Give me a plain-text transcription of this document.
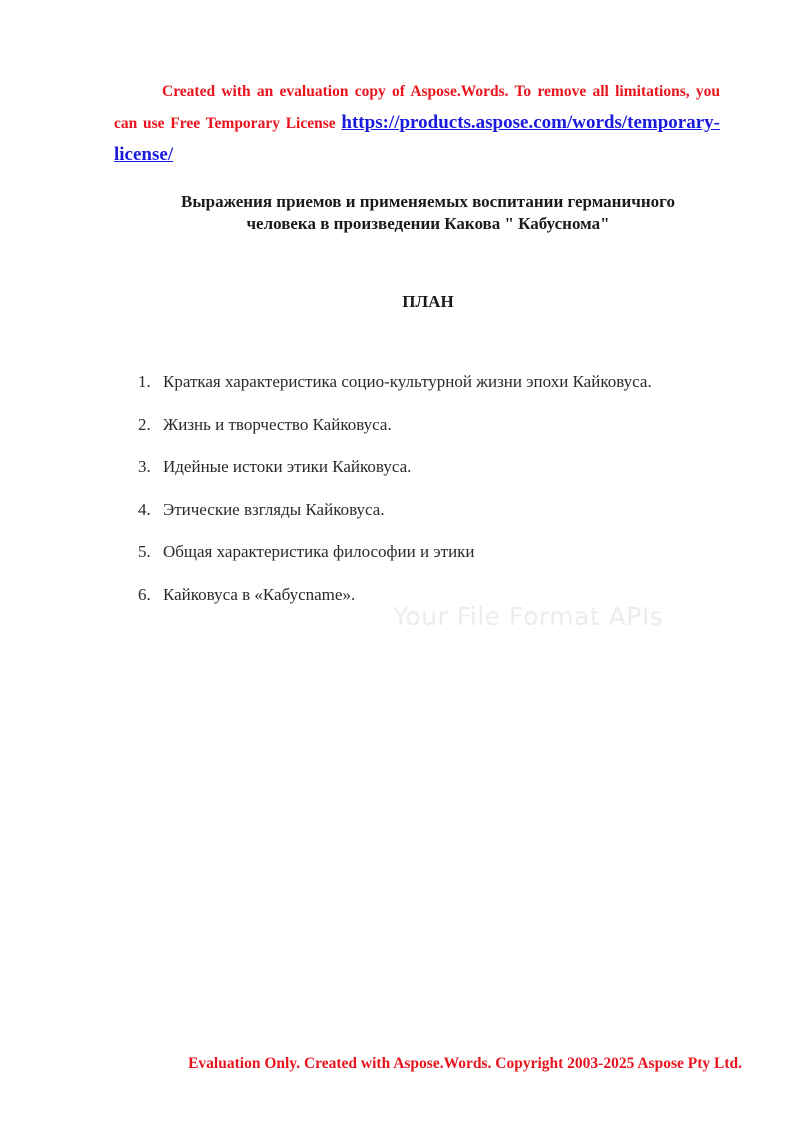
Created with an evaluation copy of Aspose.Words. To remove all limitations, you can use Free Temporary License https://products.aspose.com/words/temporary-license/
Выражения приемов и применяемых воспитании германичного
человека в произведении Какова " Кабуснома"
ПЛАН
1. Краткая характеристика социо-культурной жизни эпохи Кайковуса.
2. Жизнь и творчество Кайковуса.
3. Идейные истоки этики Кайковуса.
4. Этические взгляды Кайковуса.
5. Общая характеристика философии и этики
6. Кайковуса в «Кабусname».
Your File Format APIs
Evaluation Only. Created with Aspose.Words. Copyright 2003-2025 Aspose Pty Ltd.
